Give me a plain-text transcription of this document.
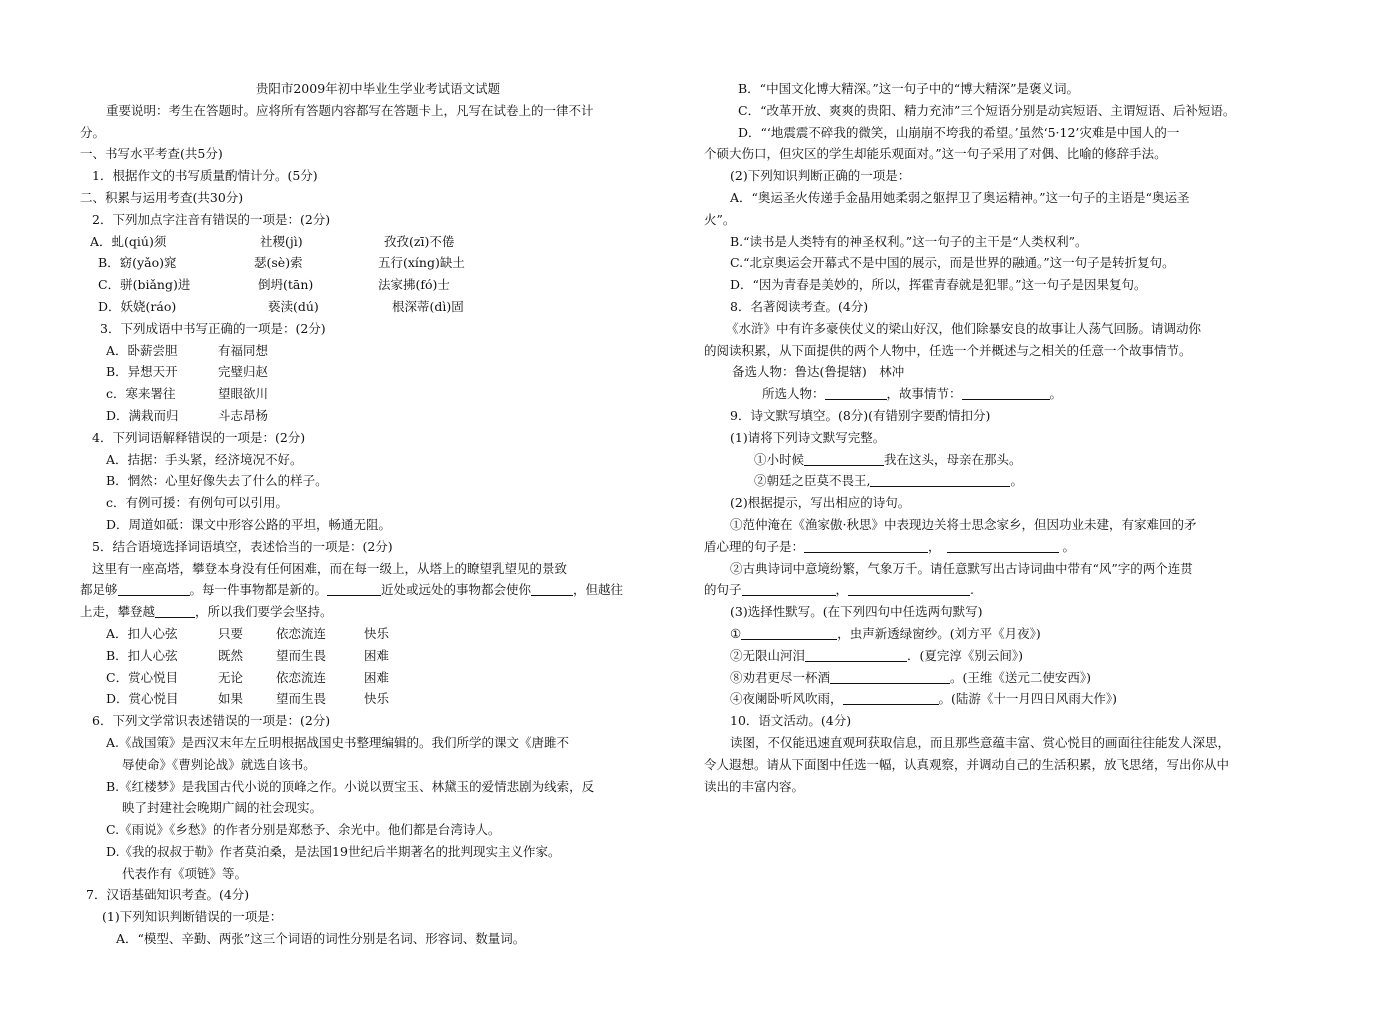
贵阳市2009年初中毕业生学业考试语文试题
重要说明：考生在答题时。应将所有答题内容都写在答题卡上，凡写在试卷上的一律不计
分。
一、书写水平考查(共5分)
1．根据作文的书写质量酌情计分。(5分)
二、积累与运用考查(共30分)
2．下列加点字注音有错误的一项是：(2分)
A．虬(qiú)须	社稷(jì)	孜孜(zī)不倦
B．窈(yǎo)窕	瑟(sè)索	五行(xíng)缺土
C．骈(biǎng)进	倒坍(tān)	法家拂(fó)士
D．妖娆(ráo)	亵渎(dú)	根深蒂(dì)固
3．下列成语中书写正确的一项是：(2分)
A．卧薪尝胆	有福同想
B．异想天开	完璧归赵
c．寒来署往	望眼欲川
D．满栽而归	斗志昂杨
4．下列词语解释错误的一项是：(2分)
A．拮据：手头紧，经济境况不好。
B．惘然：心里好像失去了什么的样子。
c．有例可援：有例句可以引用。
D．周道如砥：课文中形容公路的平坦，畅通无阻。
5．结合语境选择词语填空，表述恰当的一项是：(2分)
这里有一座高塔，攀登本身没有任何困难，而在每一级上，从塔上的瞭望乳望见的景致
都足够	。每一件事物都是新的。	近处或远处的事物都会使你	，但越往
上走，攀登越	，所以我们要学会坚持。
A．扣人心弦	只要	依恋流连	快乐
B．扣人心弦	既然	望而生畏	困难
C．赏心悦目	无论	依恋流连	困难
D．赏心悦目	如果	望而生畏	快乐
6．下列文学常识表述错误的一项是：(2分)
A.《战国策》是西汉末年左丘明根据战国史书整理编辑的。我们所学的课文《唐雎不
辱使命》《曹刿论战》就选自该书。
B.《红楼梦》是我国古代小说的顶峰之作。小说以贾宝玉、林黛玉的爱情悲剧为线索，反
映了封建社会晚期广阔的社会现实。
C.《雨说》《乡愁》的作者分别是郑愁予、余光中。他们都是台湾诗人。
D.《我的叔叔于勒》作者莫泊桑，是法国19世纪后半期著名的批判现实主义作家。
代表作有《项链》等。
7．汉语基础知识考查。(4分)
(1)下列知识判断错误的一项是：
A．“模型、辛勤、两张”这三个词语的词性分别是名词、形容词、数量词。
B．“中国文化博大精深。”这一句子中的“博大精深”是褒义词。
C．“改革开放、爽爽的贵阳、精力充沛”三个短语分别是动宾短语、主谓短语、后补短语。
D．“‘地震震不碎我的微笑，山崩崩不垮我的希望。’虽然‘5·12’灾难是中国人的一
个硕大伤口，但灾区的学生却能乐观面对。”这一句子采用了对偶、比喻的修辞手法。
(2)下列知识判断正确的一项是：
A．“奥运圣火传递手金晶用她柔弱之躯捍卫了奥运精神。”这一句子的主语是“奥运圣
火”。
B.“读书是人类特有的神圣权利。”这一句子的主干是“人类权利”。
C.“北京奥运会开幕式不是中国的展示，而是世界的融通。”这一句子是转折复句。
D．“因为青春是美妙的，所以，挥霍青春就是犯罪。”这一句子是因果复句。
8．名著阅读考查。(4分)
《水浒》中有许多豪侠仗义的梁山好汉，他们除暴安良的故事让人荡气回肠。请调动你
的阅读积累，从下面提供的两个人物中，任选一个并概述与之相关的任意一个故事情节。
备选人物：鲁达(鲁提辖)　林冲
所选人物：	，故事情节：	。
9．诗文默写填空。(8分)(有错别字要酌情扣分)
(1)请将下列诗文默写完整。
①小时候	我在这头，母亲在那头。
②朝廷之臣莫不畏王,	。
(2)根据提示，写出相应的诗句。
①范仲淹在《渔家傲·秋思》中表现边关将士思念家乡，但因功业未建，有家难回的矛
盾心理的句子是：	，	。
②古典诗词中意境纷繁，气象万千。请任意默写出古诗词曲中带有“风”字的两个连贯
的句子	，	.
(3)选择性默写。(在下列四句中任选两句默写)
①	，虫声新透绿窗纱。(刘方平《月夜》)
②无限山河泪	．(夏完淳《别云间》)
⑧劝君更尽一杯酒	。(王维《送元二使安西》)
④夜阑卧听风吹雨，	。(陆游《十一月四日风雨大作》)
10．语文活动。(4分)
读图，不仅能迅速直观珂获取信息，而且那些意蕴丰富、赏心悦目的画面往往能发人深思，
令人遐想。请从下面图中任选一幅，认真观察，并调动自己的生活积累，放飞思绪，写出你从中
读出的丰富内容。
